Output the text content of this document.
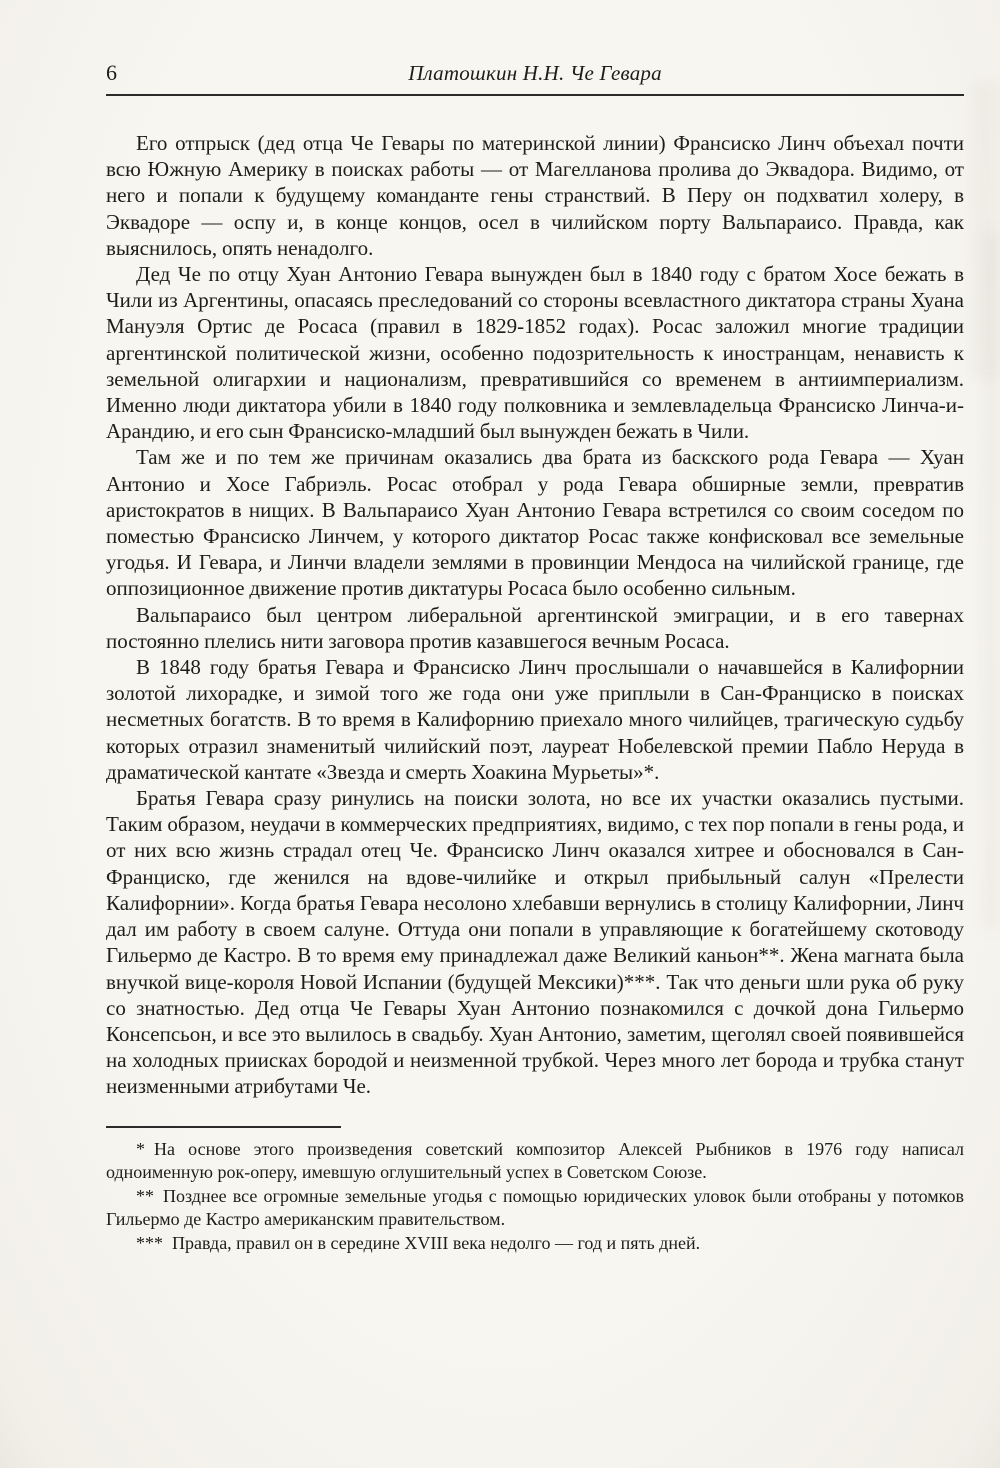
6	Платошкин Н.Н. Че Гевара

Его отпрыск (дед отца Че Гевары по материнской линии) Франсиско Линч объехал почти всю Южную Америку в поисках работы — от Магелланова пролива до Эквадора. Видимо, от него и попали к будущему команданте гены странствий. В Перу он подхватил холеру, в Эквадоре — оспу и, в конце концов, осел в чилийском порту Вальпараисо. Правда, как выяснилось, опять ненадолго.

Дед Че по отцу Хуан Антонио Гевара вынужден был в 1840 году с братом Хосе бежать в Чили из Аргентины, опасаясь преследований со стороны всевластного диктатора страны Хуана Мануэля Ортис де Росаса (правил в 1829-1852 годах). Росас заложил многие традиции аргентинской политической жизни, особенно подозрительность к иностранцам, ненависть к земельной олигархии и национализм, превратившийся со временем в антиимпериализм. Именно люди диктатора убили в 1840 году полковника и землевладельца Франсиско Линча-и-Арандию, и его сын Франсиско-младший был вынужден бежать в Чили.

Там же и по тем же причинам оказались два брата из баскского рода Гевара — Хуан Антонио и Хосе Габриэль. Росас отобрал у рода Гевара обширные земли, превратив аристократов в нищих. В Вальпараисо Хуан Антонио Гевара встретился со своим соседом по поместью Франсиско Линчем, у которого диктатор Росас также конфисковал все земельные угодья. И Гевара, и Линчи владели землями в провинции Мендоса на чилийской границе, где оппозиционное движение против диктатуры Росаса было особенно сильным.

Вальпараисо был центром либеральной аргентинской эмиграции, и в его тавернах постоянно плелись нити заговора против казавшегося вечным Росаса.

В 1848 году братья Гевара и Франсиско Линч прослышали о начавшейся в Калифорнии золотой лихорадке, и зимой того же года они уже приплыли в Сан-Франциско в поисках несметных богатств. В то время в Калифорнию приехало много чилийцев, трагическую судьбу которых отразил знаменитый чилийский поэт, лауреат Нобелевской премии Пабло Неруда в драматической кантате «Звезда и смерть Хоакина Мурьеты»*.

Братья Гевара сразу ринулись на поиски золота, но все их участки оказались пустыми. Таким образом, неудачи в коммерческих предприятиях, видимо, с тех пор попали в гены рода, и от них всю жизнь страдал отец Че. Франсиско Линч оказался хитрее и обосновался в Сан-Франциско, где женился на вдове-чилийке и открыл прибыльный салун «Прелести Калифорнии». Когда братья Гевара несолоно хлебавши вернулись в столицу Калифорнии, Линч дал им работу в своем салуне. Оттуда они попали в управляющие к богатейшему скотоводу Гильермо де Кастро. В то время ему принадлежал даже Великий каньон**. Жена магната была внучкой вице-короля Новой Испании (будущей Мексики)***. Так что деньги шли рука об руку со знатностью. Дед отца Че Гевары Хуан Антонио познакомился с дочкой дона Гильермо Консепсьон, и все это вылилось в свадьбу. Хуан Антонио, заметим, щеголял своей появившейся на холодных приисках бородой и неизменной трубкой. Через много лет борода и трубка станут неизменными атрибутами Че.

* На основе этого произведения советский композитор Алексей Рыбников в 1976 году написал одноименную рок-оперу, имевшую оглушительный успех в Советском Союзе.

** Позднее все огромные земельные угодья с помощью юридических уловок были отобраны у потомков Гильермо де Кастро американским правительством.

*** Правда, правил он в середине XVIII века недолго — год и пять дней.
